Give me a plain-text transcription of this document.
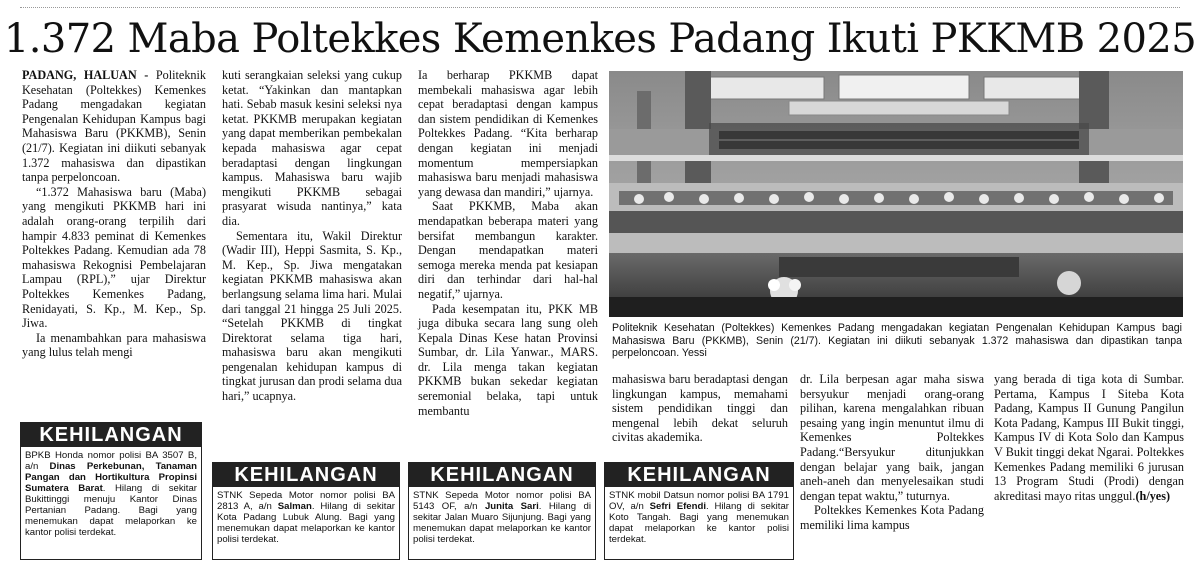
1.372 Maba Poltekkes Kemenkes Padang Ikuti PKKMB 2025

PADANG, HALUAN - Politeknik Kesehatan (Poltekkes) Kemenkes Padang mengadakan kegiatan Pengenalan Kehidupan Kampus bagi Mahasiswa Baru (PKKMB), Senin (21/7). Kegiatan ini diikuti sebanyak 1.372 mahasiswa dan dipastikan tanpa perpeloncoan.

“1.372 Mahasiswa baru (Maba) yang mengikuti PKKMB hari ini adalah orang-orang terpilih dari hampir 4.833 peminat di Kemenkes Poltekkes Padang. Kemudian ada 78 mahasiswa Rekognisi Pembelajaran Lampau (RPL),” ujar Direktur Poltekkes Kemenkes Padang, Renidayati, S. Kp., M. Kep., Sp. Jiwa.

Ia menambahkan para mahasiswa yang lulus telah mengi

kuti serangkaian seleksi yang cukup ketat. “Yakinkan dan mantapkan hati. Sebab masuk kesini seleksi nya ketat. PKKMB merupakan kegiatan yang dapat memberikan pembekalan kepada mahasiswa agar cepat beradaptasi dengan lingkungan kampus. Mahasiswa baru wajib mengikuti PKKMB sebagai prasyarat wisuda nantinya,” kata dia.

Sementara itu, Wakil Direktur (Wadir III), Heppi Sasmita, S. Kp., M. Kep., Sp. Jiwa mengatakan kegiatan PKKMB mahasiswa akan berlangsung selama lima hari. Mulai dari tanggal 21 hingga 25 Juli 2025. “Setelah PKKMB di tingkat Direktorat selama tiga hari, mahasiswa baru akan mengikuti pengenalan kehidupan kampus di tingkat jurusan dan prodi selama dua hari,” ucapnya.

Ia berharap PKKMB dapat membekali mahasiswa agar lebih cepat beradaptasi dengan kampus dan sistem pendidikan di Kemenkes Poltekkes Padang. “Kita berharap dengan kegiatan ini menjadi momentum mempersiapkan mahasiswa baru menjadi mahasiswa yang dewasa dan mandiri,” ujarnya.

Saat PKKMB, Maba akan mendapatkan beberapa materi yang bersifat membangun karakter. Dengan mendapatkan materi semoga mereka menda pat kesiapan diri dan terhindar dari hal-hal negatif,” ujarnya.

Pada kesempatan itu, PKK MB juga dibuka secara lang sung oleh Kepala Dinas Kese hatan Provinsi Sumbar, dr. Lila Yanwar., MARS. dr. Lila menga takan kegiatan PKKMB bukan sekedar kegiatan seremonial belaka, tapi untuk membantu

Politeknik Kesehatan (Poltekkes) Kemenkes Padang mengadakan kegiatan Pengenalan Kehidupan Kampus bagi Mahasiswa Baru (PKKMB), Senin (21/7). Kegiatan ini diikuti sebanyak 1.372 mahasiswa dan dipastikan tanpa perpeloncoan. Yessi

mahasiswa baru beradaptasi dengan lingkungan kampus, memahami sistem pendidikan tinggi dan mengenal lebih dekat seluruh civitas akademika.

dr. Lila berpesan agar maha siswa bersyukur menjadi orang-orang pilihan, karena mengalahkan ribuan pesaing yang ingin menuntut ilmu di Kemenkes Poltekkes Padang.“Bersyukur ditunjukkan dengan belajar yang baik, jangan aneh-aneh dan menyelesaikan studi dengan tepat waktu,” tuturnya.

Poltekkes Kemenkes Kota Padang memiliki lima kampus

yang berada di tiga kota di Sumbar. Pertama, Kampus I Siteba Kota Padang, Kampus II Gunung Pangilun Kota Padang, Kampus III Bukit tinggi, Kampus IV di Kota Solo dan Kampus V Bukit tinggi dekat Ngarai. Poltekkes Kemenkes Padang memiliki 6 jurusan 13 Program Studi (Prodi) dengan akreditasi mayo ritas unggul.(h/yes)

KEHILANGAN
BPKB Honda nomor polisi BA 3507 B, a/n Dinas Perkebunan, Tanaman Pangan dan Hortikultura Propinsi Sumatera Barat. Hilang di sekitar Bukittinggi menuju Kantor Dinas Pertanian Padang. Bagi yang menemukan dapat melaporkan ke kantor polisi terdekat.
KEHILANGAN
STNK Sepeda Motor nomor polisi BA 2813 A, a/n Salman. Hilang di sekitar Kota Padang Lubuk Alung. Bagi yang menemukan dapat melaporkan ke kantor polisi terdekat.
KEHILANGAN
STNK Sepeda Motor nomor polisi BA 5143 OF, a/n Junita Sari. Hilang di sekitar Jalan Muaro Sijunjung. Bagi yang menemukan dapat melaporkan ke kantor polisi terdekat.
KEHILANGAN
STNK mobil Datsun nomor polisi BA 1791 OV, a/n Sefri Efendi. Hilang di sekitar Koto Tangah. Bagi yang menemukan dapat melaporkan ke kantor polisi terdekat.
